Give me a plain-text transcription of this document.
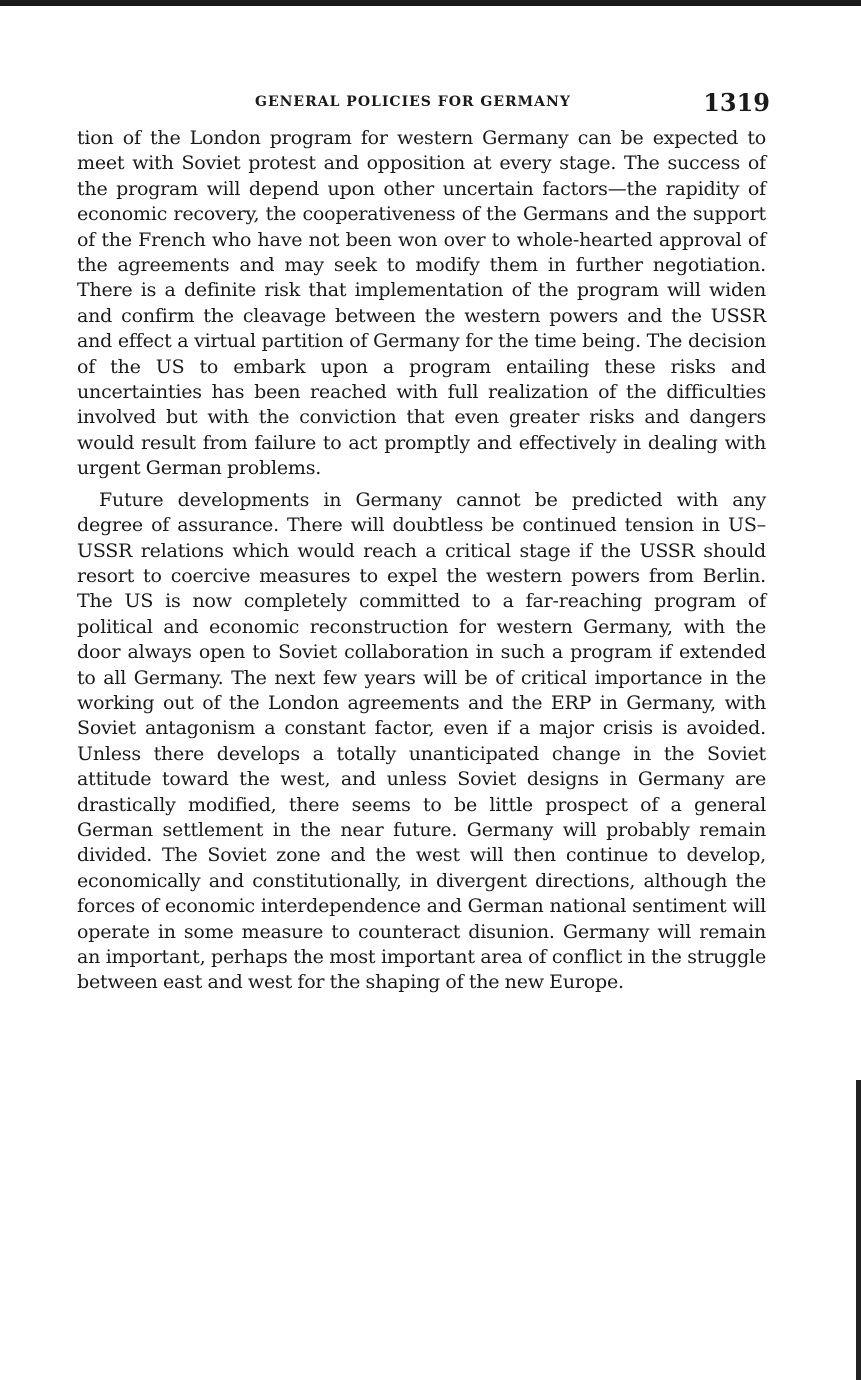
GENERAL POLICIES FOR GERMANY	1319

tion of the London program for western Germany can be expected to meet with Soviet protest and opposition at every stage. The success of the program will depend upon other uncertain factors—the rapidity of economic recovery, the cooperativeness of the Germans and the support of the French who have not been won over to whole-hearted approval of the agreements and may seek to modify them in further negotiation. There is a definite risk that implementation of the program will widen and confirm the cleavage between the western powers and the USSR and effect a virtual partition of Germany for the time being. The decision of the US to embark upon a program entailing these risks and uncertainties has been reached with full realization of the difficulties involved but with the conviction that even greater risks and dangers would result from failure to act promptly and effectively in dealing with urgent German problems.

Future developments in Germany cannot be predicted with any degree of assurance. There will doubtless be continued tension in US–USSR relations which would reach a critical stage if the USSR should resort to coercive measures to expel the western powers from Berlin. The US is now completely committed to a far-reaching program of political and economic reconstruction for western Germany, with the door always open to Soviet collaboration in such a program if extended to all Germany. The next few years will be of critical importance in the working out of the London agreements and the ERP in Germany, with Soviet antagonism a constant factor, even if a major crisis is avoided. Unless there develops a totally unanticipated change in the Soviet attitude toward the west, and unless Soviet designs in Germany are drastically modified, there seems to be little prospect of a general German settlement in the near future. Germany will probably remain divided. The Soviet zone and the west will then continue to develop, economically and constitutionally, in divergent directions, although the forces of economic interdependence and German national sentiment will operate in some measure to counteract disunion. Germany will remain an important, perhaps the most important area of conflict in the struggle between east and west for the shaping of the new Europe.
